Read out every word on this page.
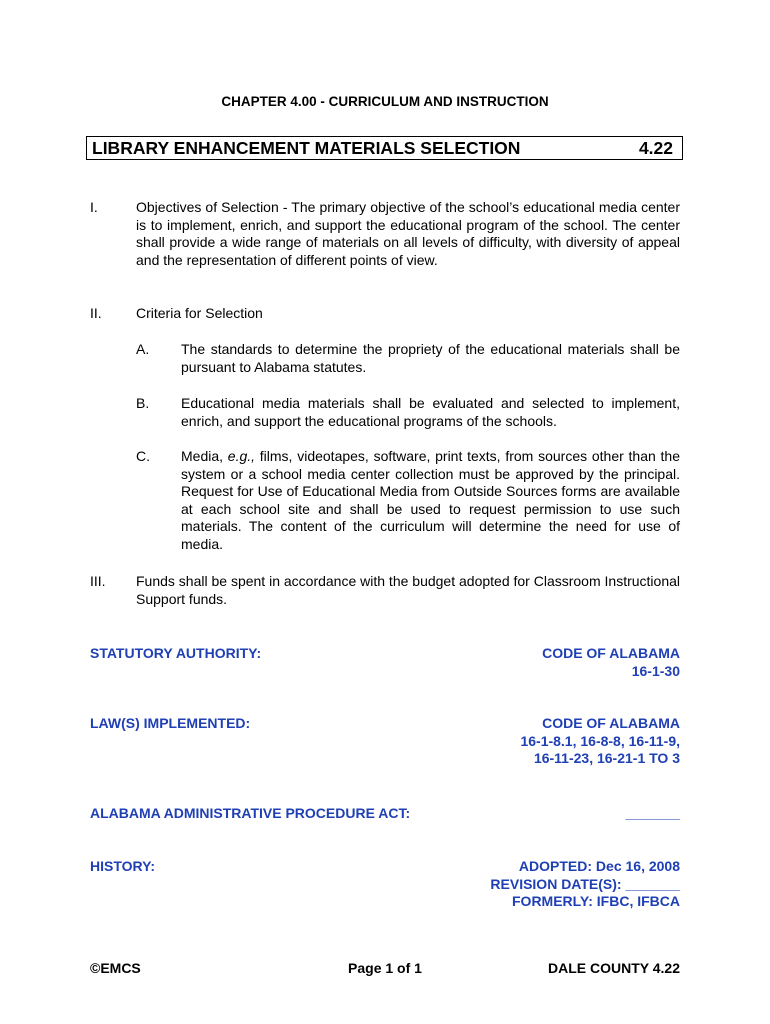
CHAPTER 4.00 - CURRICULUM AND INSTRUCTION
LIBRARY ENHANCEMENT MATERIALS SELECTION	4.22
I.	Objectives of Selection - The primary objective of the school’s educational media center is to implement, enrich, and support the educational program of the school. The center shall provide a wide range of materials on all levels of difficulty, with diversity of appeal and the representation of different points of view.
II. Criteria for Selection
A. The standards to determine the propriety of the educational materials shall be pursuant to Alabama statutes.
B. Educational media materials shall be evaluated and selected to implement, enrich, and support the educational programs of the schools.
C. Media, e.g., films, videotapes, software, print texts, from sources other than the system or a school media center collection must be approved by the principal. Request for Use of Educational Media from Outside Sources forms are available at each school site and shall be used to request permission to use such materials. The content of the curriculum will determine the need for use of media.
III. Funds shall be spent in accordance with the budget adopted for Classroom Instructional Support funds.
STATUTORY AUTHORITY:	CODE OF ALABAMA
16-1-30
LAW(S) IMPLEMENTED:	CODE OF ALABAMA
16-1-8.1, 16-8-8, 16-11-9,
16-11-23, 16-21-1 TO 3
ALABAMA ADMINISTRATIVE PROCEDURE ACT:	_______
HISTORY:	ADOPTED: Dec 16, 2008
REVISION DATE(S): _______
FORMERLY: IFBC, IFBCA
©EMCS	Page 1 of 1	DALE COUNTY 4.22
